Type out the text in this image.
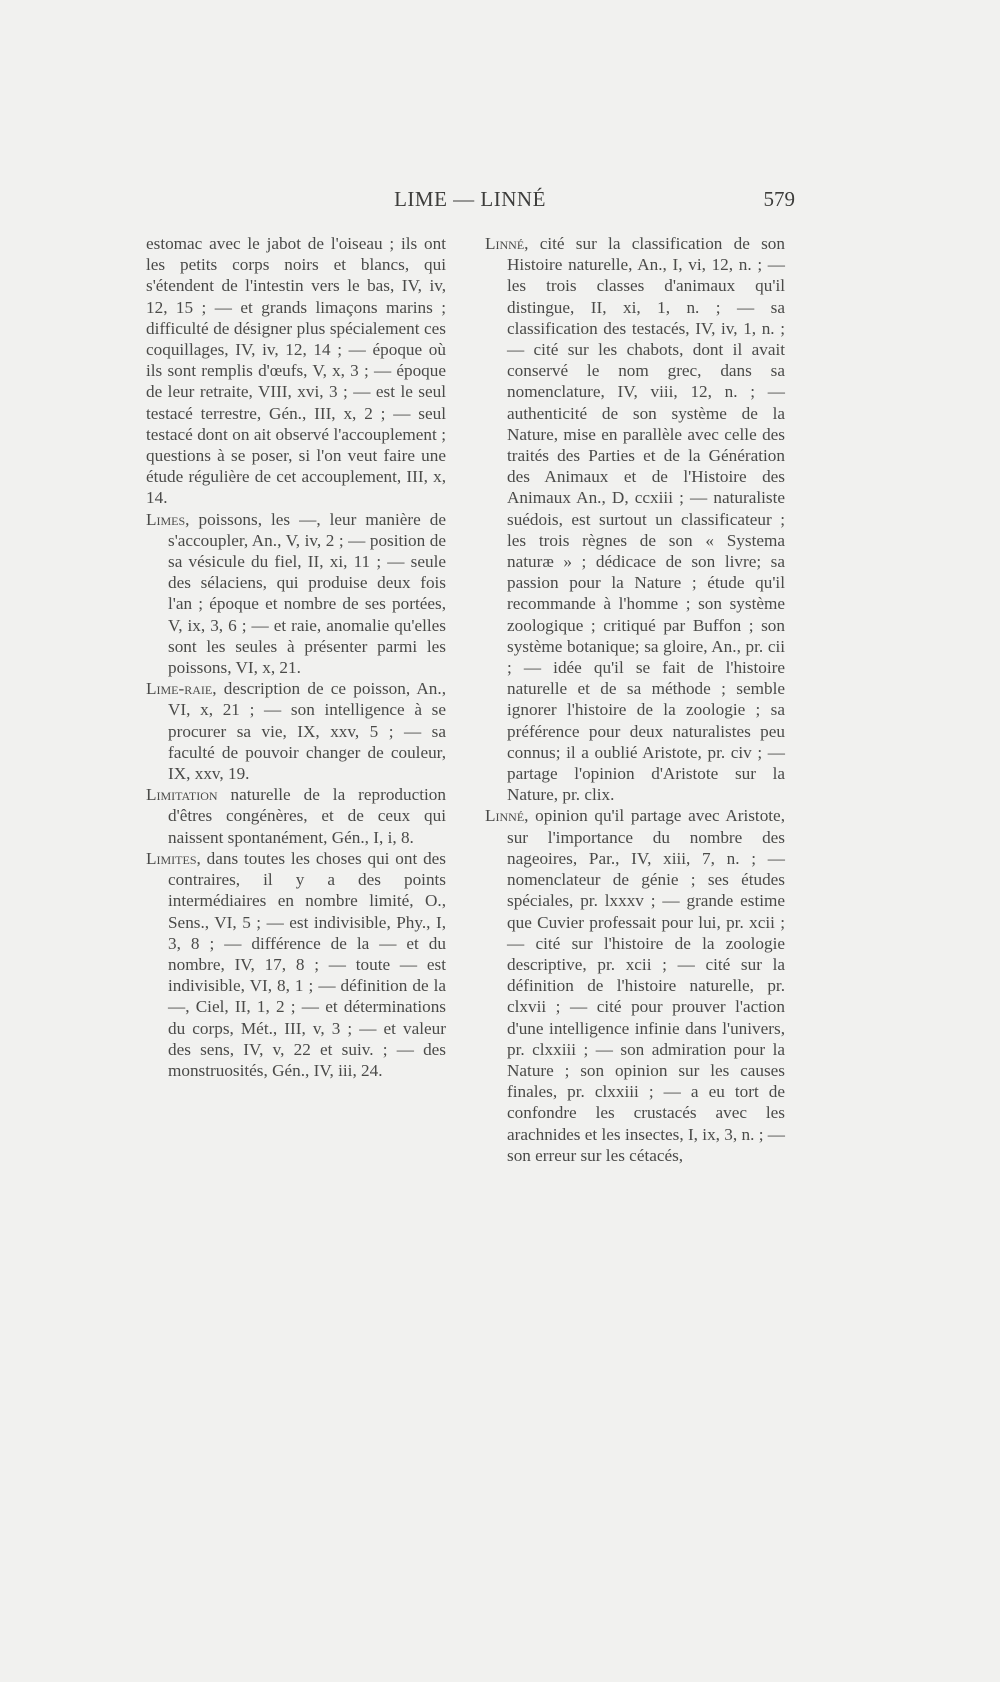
LIME — LINNÉ	579

estomac avec le jabot de l'oiseau ; ils ont les petits corps noirs et blancs, qui s'étendent de l'intestin vers le bas, IV, iv, 12, 15 ; — et grands limaçons marins ; difficulté de désigner plus spécialement ces coquillages, IV, iv, 12, 14 ; — époque où ils sont remplis d'œufs, V, x, 3 ; — époque de leur retraite, VIII, xvi, 3 ; — est le seul testacé terrestre, Gén., III, x, 2 ; — seul testacé dont on ait observé l'accouplement ; questions à se poser, si l'on veut faire une étude régulière de cet accouplement, III, x, 14.

Limes, poissons, les —, leur manière de s'accoupler, An., V, iv, 2 ; — position de sa vésicule du fiel, II, xi, 11 ; — seule des sélaciens, qui produise deux fois l'an ; époque et nombre de ses portées, V, ix, 3, 6 ; — et raie, anomalie qu'elles sont les seules à présenter parmi les poissons, VI, x, 21.

Lime-raie, description de ce poisson, An., VI, x, 21 ; — son intelligence à se procurer sa vie, IX, xxv, 5 ; — sa faculté de pouvoir changer de couleur, IX, xxv, 19.

Limitation naturelle de la reproduction d'êtres congénères, et de ceux qui naissent spontanément, Gén., I, i, 8.

Limites, dans toutes les choses qui ont des contraires, il y a des points intermédiaires en nombre limité, O., Sens., VI, 5 ; — est indivisible, Phy., I, 3, 8 ; — différence de la — et du nombre, IV, 17, 8 ; — toute — est indivisible, VI, 8, 1 ; — définition de la —, Ciel, II, 1, 2 ; — et déterminations du corps, Mét., III, v, 3 ; — et valeur des sens, IV, v, 22 et suiv. ; — des monstruosités, Gén., IV, iii, 24.

Linné, cité sur la classification de son Histoire naturelle, An., I, vi, 12, n. ; — les trois classes d'animaux qu'il distingue, II, xi, 1, n. ; — sa classification des testacés, IV, iv, 1, n. ; — cité sur les chabots, dont il avait conservé le nom grec, dans sa nomenclature, IV, viii, 12, n. ; — authenticité de son système de la Nature, mise en parallèle avec celle des traités des Parties et de la Génération des Animaux et de l'Histoire des Animaux An., D, ccxiii ; — naturaliste suédois, est surtout un classificateur ; les trois règnes de son « Systema naturæ » ; dédicace de son livre; sa passion pour la Nature ; étude qu'il recommande à l'homme ; son système zoologique ; critiqué par Buffon ; son système botanique; sa gloire, An., pr. cii ; — idée qu'il se fait de l'histoire naturelle et de sa méthode ; semble ignorer l'histoire de la zoologie ; sa préférence pour deux naturalistes peu connus; il a oublié Aristote, pr. civ ; — partage l'opinion d'Aristote sur la Nature, pr. clix.

Linné, opinion qu'il partage avec Aristote, sur l'importance du nombre des nageoires, Par., IV, xiii, 7, n. ; — nomenclateur de génie ; ses études spéciales, pr. lxxxv ; — grande estime que Cuvier professait pour lui, pr. xcii ; — cité sur l'histoire de la zoologie descriptive, pr. xcii ; — cité sur la définition de l'histoire naturelle, pr. clxvii ; — cité pour prouver l'action d'une intelligence infinie dans l'univers, pr. clxxiii ; — son admiration pour la Nature ; son opinion sur les causes finales, pr. clxxiii ; — a eu tort de confondre les crustacés avec les arachnides et les insectes, I, ix, 3, n. ; — son erreur sur les cétacés,
